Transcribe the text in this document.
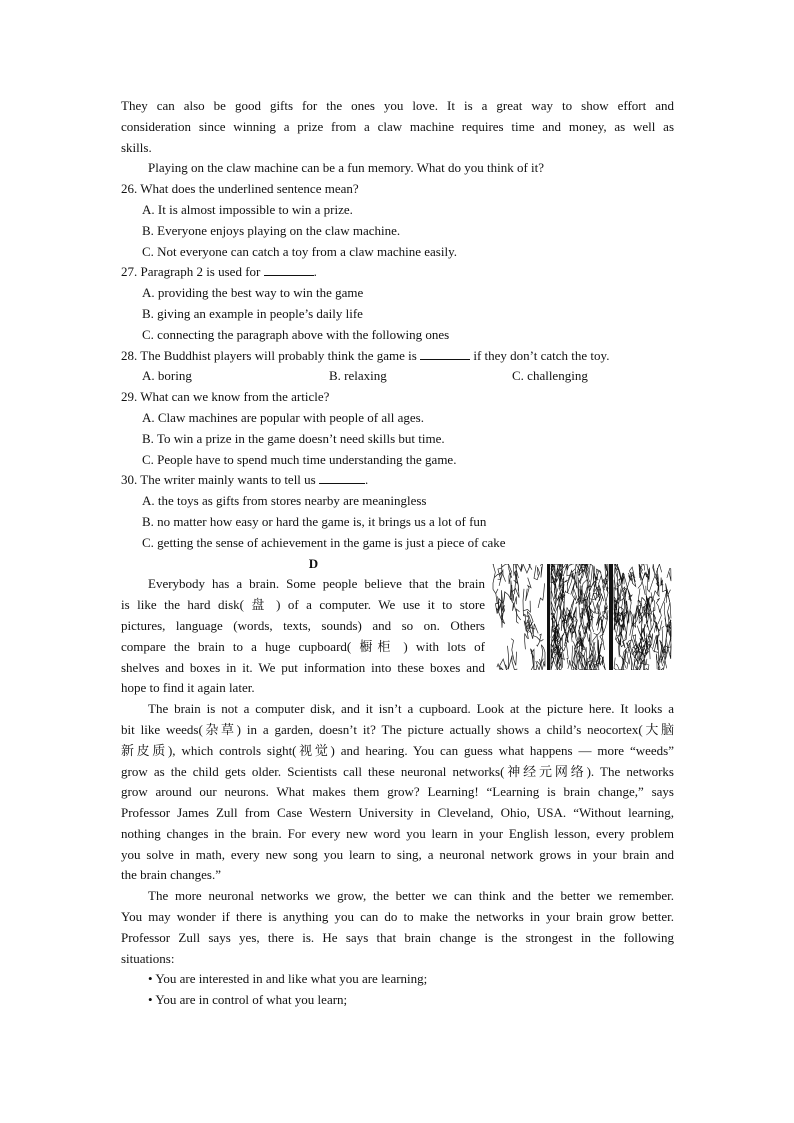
They can also be good gifts for the ones you love. It is a great way to show effort and
consideration since winning a prize from a claw machine requires time and money, as well as
skills.
Playing on the claw machine can be a fun memory. What do you think of it?
26. What does the underlined sentence mean?
A. It is almost impossible to win a prize.
B. Everyone enjoys playing on the claw machine.
C. Not everyone can catch a toy from a claw machine easily.
27. Paragraph 2 is used for	.
A. providing the best way to win the game
B. giving an example in people’s daily life
C. connecting the paragraph above with the following ones
28. The Buddhist players will probably think the game is	if they don’t catch the toy.
A. boring	B. relaxing	C. challenging
29. What can we know from the article?
A. Claw machines are popular with people of all ages.
B. To win a prize in the game doesn’t need skills but time.
C. People have to spend much time understanding the game.
30. The writer mainly wants to tell us	.
A. the toys as gifts from stores nearby are meaningless
B. no matter how easy or hard the game is, it brings us a lot of fun
C. getting the sense of achievement in the game is just a piece of cake
D
Everybody has a brain. Some people believe that the brain
is like the hard disk( 盘 ) of a computer. We use it to store
pictures, language (words, texts, sounds) and so on. Others
compare the brain to a huge cupboard( 橱柜 ) with lots of
shelves and boxes in it. We put information into these boxes and
hope to find it again later.
The brain is not a computer disk, and it isn’t a cupboard. Look at the picture here. It looks a
bit like weeds(杂草) in a garden, doesn’t it? The picture actually shows a child’s neocortex(大脑
新皮质), which controls sight(视觉) and hearing. You can guess what happens — more “weeds”
grow as the child gets older. Scientists call these neuronal networks(神经元网络). The networks
grow around our neurons. What makes them grow? Learning! “Learning is brain change,” says
Professor James Zull from Case Western University in Cleveland, Ohio, USA. “Without learning,
nothing changes in the brain. For every new word you learn in your English lesson, every problem
you solve in math, every new song you learn to sing, a neuronal network grows in your brain and
the brain changes.”
The more neuronal networks we grow, the better we can think and the better we remember.
You may wonder if there is anything you can do to make the networks in your brain grow better.
Professor Zull says yes, there is. He says that brain change is the strongest in the following
situations:
• You are interested in and like what you are learning;
• You are in control of what you learn;
